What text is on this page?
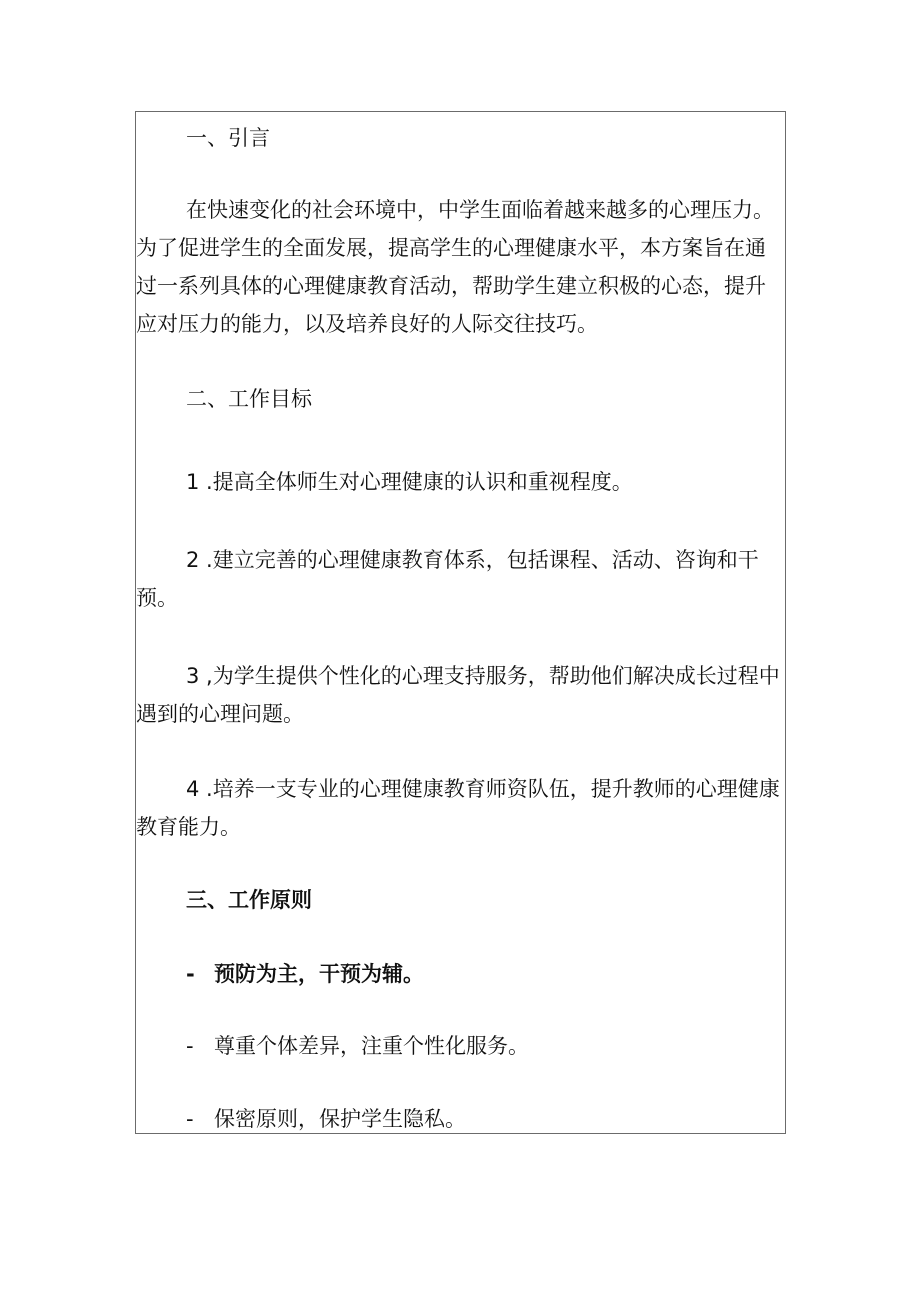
一、引言

在快速变化的社会环境中，中学生面临着越来越多的心理压力。为了促进学生的全面发展，提高学生的心理健康水平，本方案旨在通过一系列具体的心理健康教育活动，帮助学生建立积极的心态，提升应对压力的能力，以及培养良好的人际交往技巧。

二、工作目标

1 .提高全体师生对心理健康的认识和重视程度。

2 .建立完善的心理健康教育体系，包括课程、活动、咨询和干预。

3 ,为学生提供个性化的心理支持服务，帮助他们解决成长过程中遇到的心理问题。

4 .培养一支专业的心理健康教育师资队伍，提升教师的心理健康教育能力。

三、工作原则

- 预防为主，干预为辅。
- 尊重个体差异，注重个性化服务。
- 保密原则，保护学生隐私。
